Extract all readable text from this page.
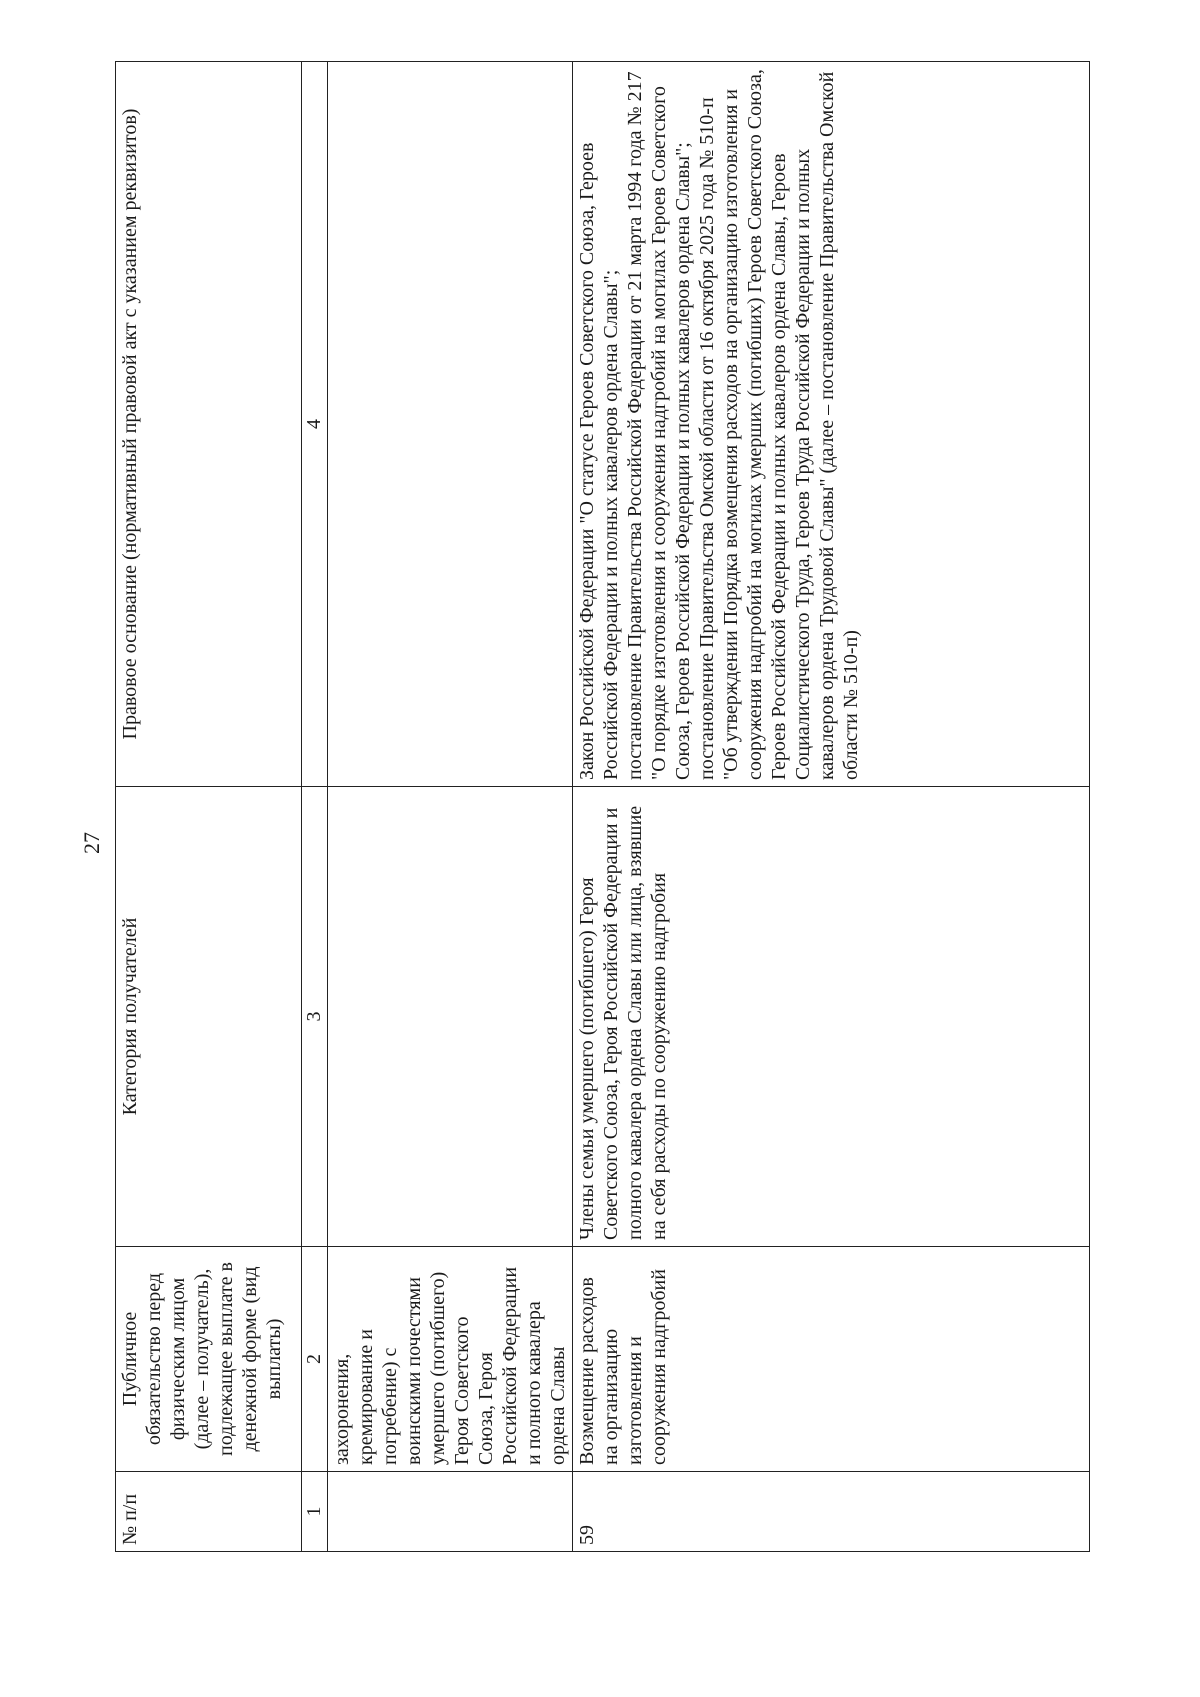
27
№ п/п	Публичное обязательство перед физическим лицом (далее – получатель), подлежащее выплате в денежной форме (вид выплаты)	Категория получателей	Правовое основание (нормативный правовой акт с указанием реквизитов)
1	2	3	4
	захоронения, кремирование и погребение) с воинскими почестями умершего (погибшего) Героя Советского Союза, Героя Российской Федерации и полного кавалера ордена Славы		
59	Возмещение расходов на организацию изготовления и сооружения надгробий	Члены семьи умершего (погибшего) Героя Советского Союза, Героя Российской Федерации и полного кавалера ордена Славы или лица, взявшие на себя расходы по сооружению надгробия	Закон Российской Федерации "О статусе Героев Советского Союза, Героев Российской Федерации и полных кавалеров ордена Славы"; постановление Правительства Российской Федерации от 21 марта 1994 года № 217 "О порядке изготовления и сооружения надгробий на могилах Героев Советского Союза, Героев Российской Федерации и полных кавалеров ордена Славы"; постановление Правительства Омской области от 16 октября 2025 года № 510-п "Об утверждении Порядка возмещения расходов на организацию изготовления и сооружения надгробий на могилах умерших (погибших) Героев Советского Союза, Героев Российской Федерации и полных кавалеров ордена Славы, Героев Социалистического Труда, Героев Труда Российской Федерации и полных кавалеров ордена Трудовой Славы" (далее – постановление Правительства Омской области № 510-п)
